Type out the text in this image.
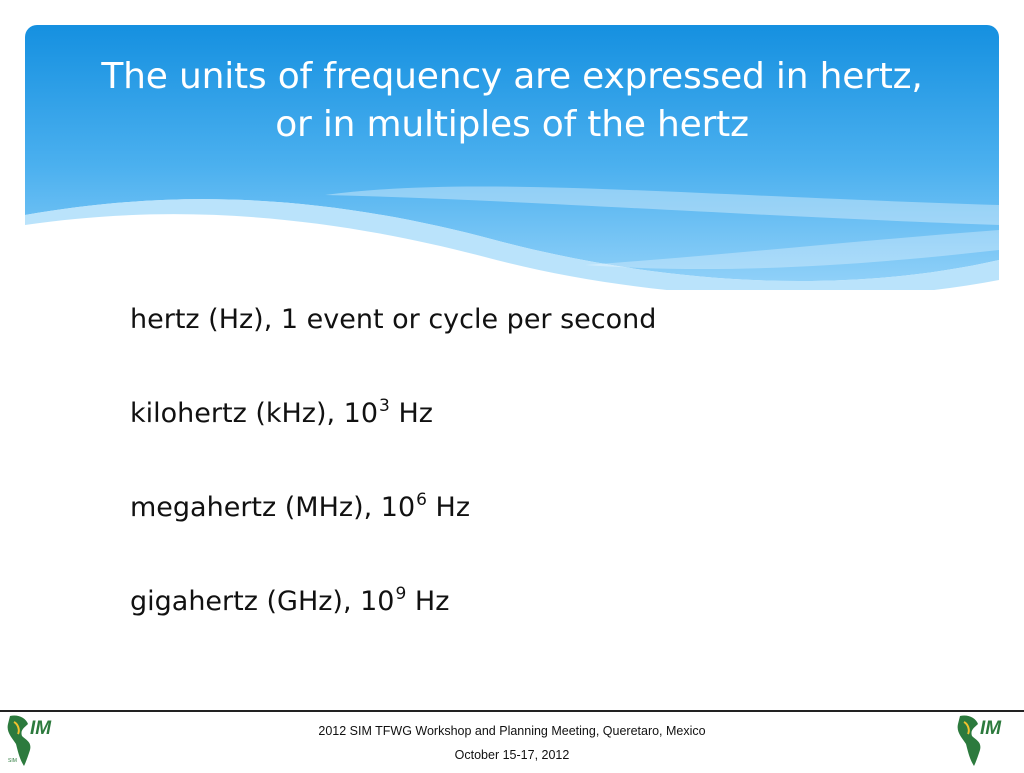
The units of frequency are expressed in hertz,
or in multiples of the hertz
hertz (Hz), 1 event or cycle per second
kilohertz (kHz), $10^3$ Hz
megahertz (MHz), $10^6$ Hz
gigahertz (GHz), $10^9$ Hz
SIM
IM	2012 SIM TFWG Workshop and Planning Meeting, Queretaro, Mexico
October 15-17, 2012
IM
